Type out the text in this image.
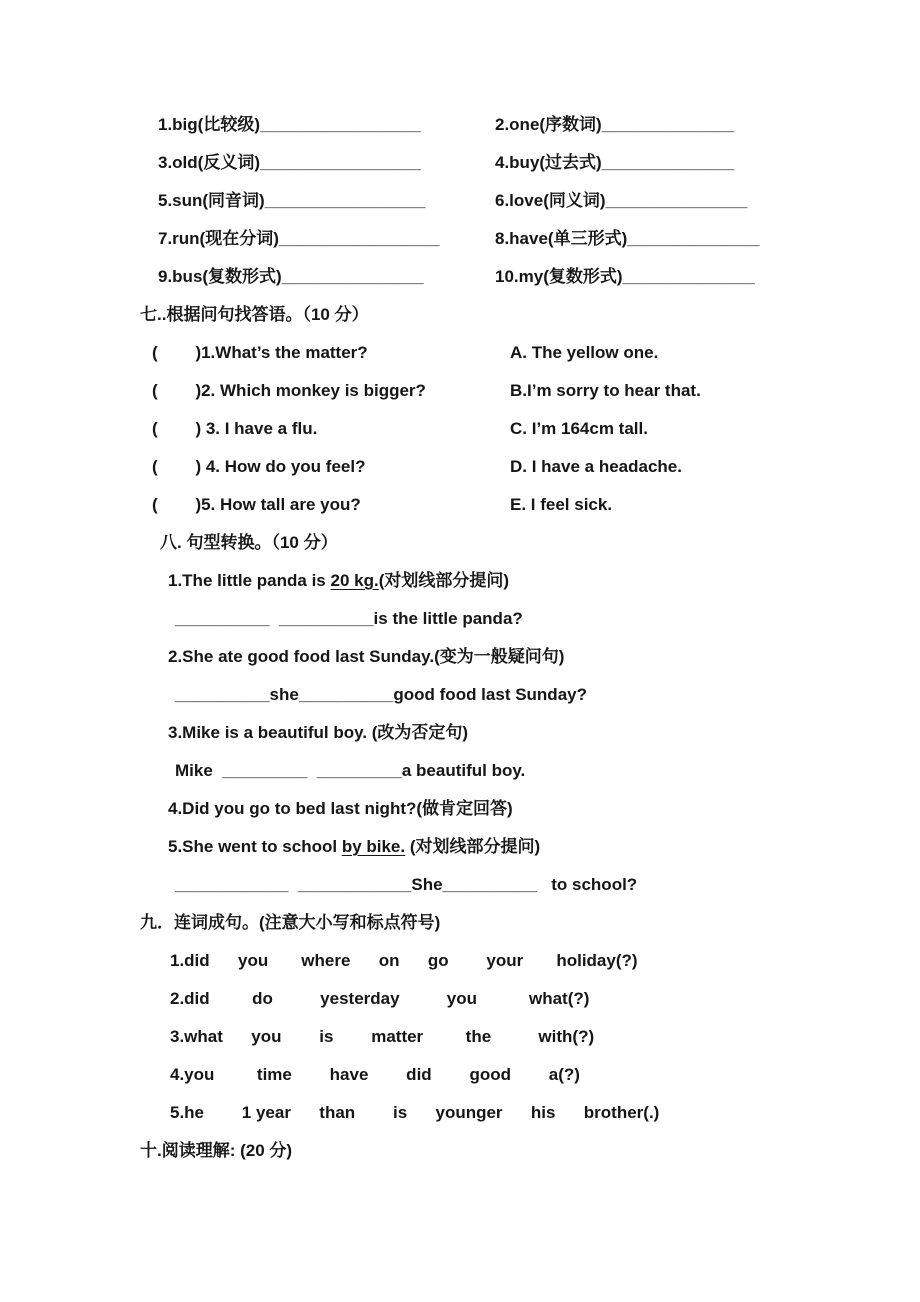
1.big(比较级)_________________	2.one(序数词)______________
3.old(反义词)_________________	4.buy(过去式)______________
5.sun(同音词)_________________	6.love(同义词)_______________
7.run(现在分词)_________________	8.have(单三形式)______________
9.bus(复数形式)_______________	10.my(复数形式)______________
七..根据问句找答语。（10 分）
(        )1.What’s the matter?	A. The yellow one.
(        )2. Which monkey is bigger?	B.I’m sorry to hear that.
(        ) 3. I have a flu.	C. I’m 164cm tall.
(        ) 4. How do you feel?	D. I have a headache.
(        )5. How tall are you?	E. I feel sick.
八. 句型转换。（10 分）
1.The little panda is 20 kg.(对划线部分提问)
__________  __________is the little panda?
2.She ate good food last Sunday.(变为一般疑问句)
__________she__________good food last Sunday?
3.Mike is a beautiful boy. (改为否定句)
Mike  _________  _________a beautiful boy.
4.Did you go to bed last night?(做肯定回答)
5.She went to school by bike. (对划线部分提问)
____________  ____________She__________   to school?
九．连词成句。(注意大小写和标点符号)
1.did      you       where      on      go        your       holiday(?)
2.did         do          yesterday          you           what(?)
3.what      you        is        matter         the          with(?)
4.you         time        have        did        good        a(?)
5.he        1 year      than        is      younger      his      brother(.)
十.阅读理解: (20 分)
